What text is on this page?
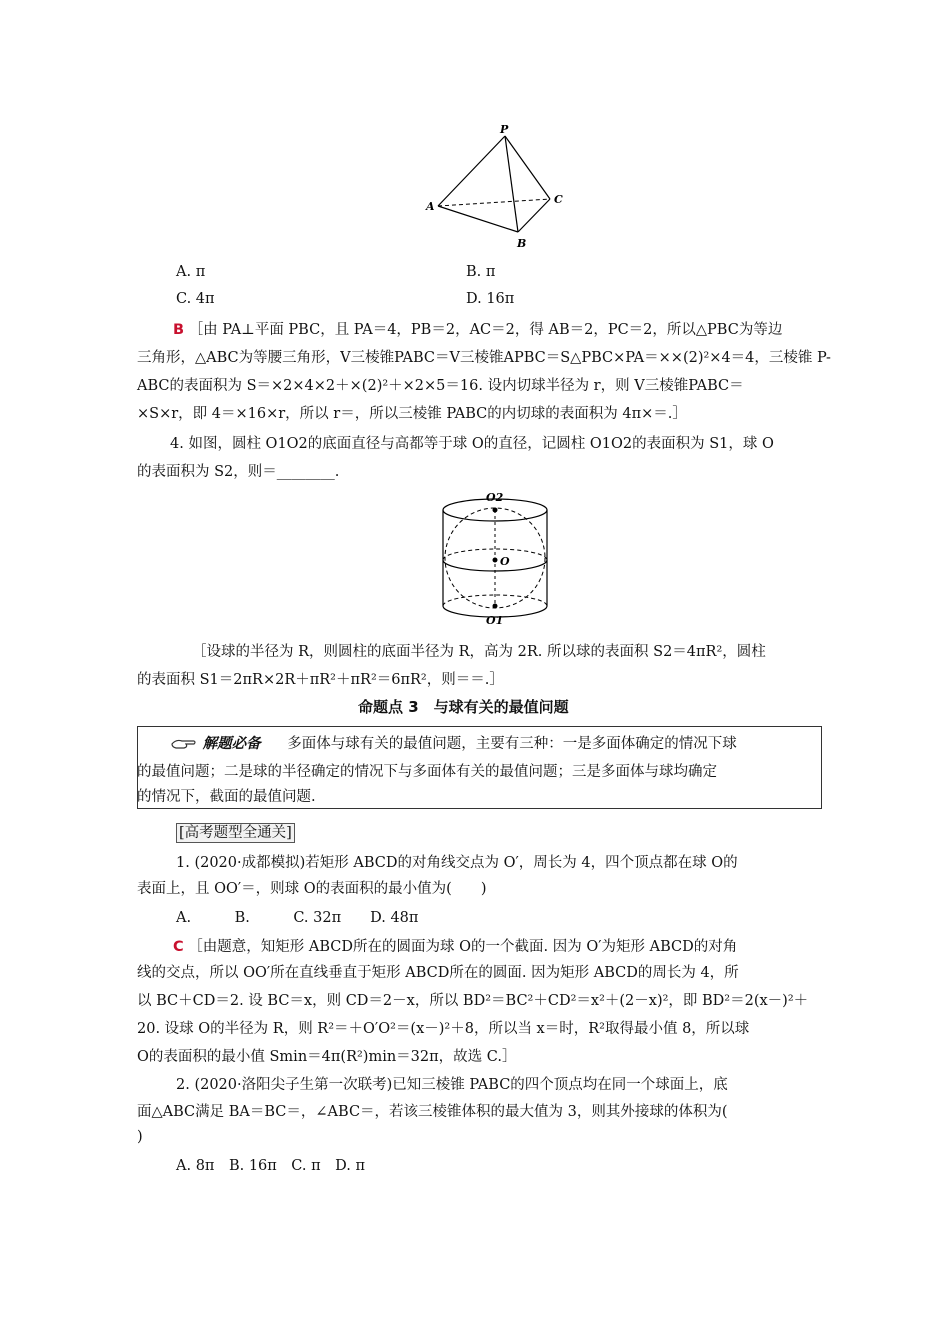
P
A
C
B
A. π	B. π
C. 4π	D. 16π
B ［由 PA⊥平面 PBC，且 PA＝4，PB＝2，AC＝2，得 AB＝2，PC＝2，所以△PBC为等边
三角形，△ABC为等腰三角形，V三棱锥PABC＝V三棱锥APBC＝S△PBC×PA＝××(2)²×4＝4，三棱锥 P-
ABC的表面积为 S＝×2×4×2＋×(2)²＋×2×5＝16. 设内切球半径为 r，则 V三棱锥PABC＝
×S×r，即 4＝×16×r，所以 r＝，所以三棱锥 PABC的内切球的表面积为 4π×＝.］
4. 如图，圆柱 O1O2的底面直径与高都等于球 O的直径，记圆柱 O1O2的表面积为 S1，球 O
的表面积为 S2，则＝________.
O2
O
O1
［设球的半径为 R，则圆柱的底面半径为 R，高为 2R. 所以球的表面积 S2＝4πR²，圆柱
的表面积 S1＝2πR×2R＋πR²＋πR²＝6πR²，则＝＝.］
命题点 3　与球有关的最值问题
解题必备 多面体与球有关的最值问题，主要有三种：一是多面体确定的情况下球
的最值问题；二是球的半径确定的情况下与多面体有关的最值问题；三是多面体与球均确定
的情况下，截面的最值问题.
[高考题型全通关]
1. (2020·成都模拟)若矩形 ABCD的对角线交点为 O′，周长为 4，四个顶点都在球 O的
表面上，且 OO′＝，则球 O的表面积的最小值为(　　)
A.　　　B.　　　C. 32π　　D. 48π
C ［由题意，知矩形 ABCD所在的圆面为球 O的一个截面. 因为 O′为矩形 ABCD的对角
线的交点，所以 OO′所在直线垂直于矩形 ABCD所在的圆面. 因为矩形 ABCD的周长为 4，所
以 BC＋CD＝2. 设 BC＝x，则 CD＝2－x，所以 BD²＝BC²＋CD²＝x²＋(2－x)²，即 BD²＝2(x－)²＋
20. 设球 O的半径为 R，则 R²＝＋O′O²＝(x－)²＋8，所以当 x＝时，R²取得最小值 8，所以球
O的表面积的最小值 Smin＝4π(R²)min＝32π，故选 C.］
2. (2020·洛阳尖子生第一次联考)已知三棱锥 PABC的四个顶点均在同一个球面上，底
面△ABC满足 BA＝BC＝，∠ABC＝，若该三棱锥体积的最大值为 3，则其外接球的体积为(
)
A. 8π　B. 16π　C. π　D. π
